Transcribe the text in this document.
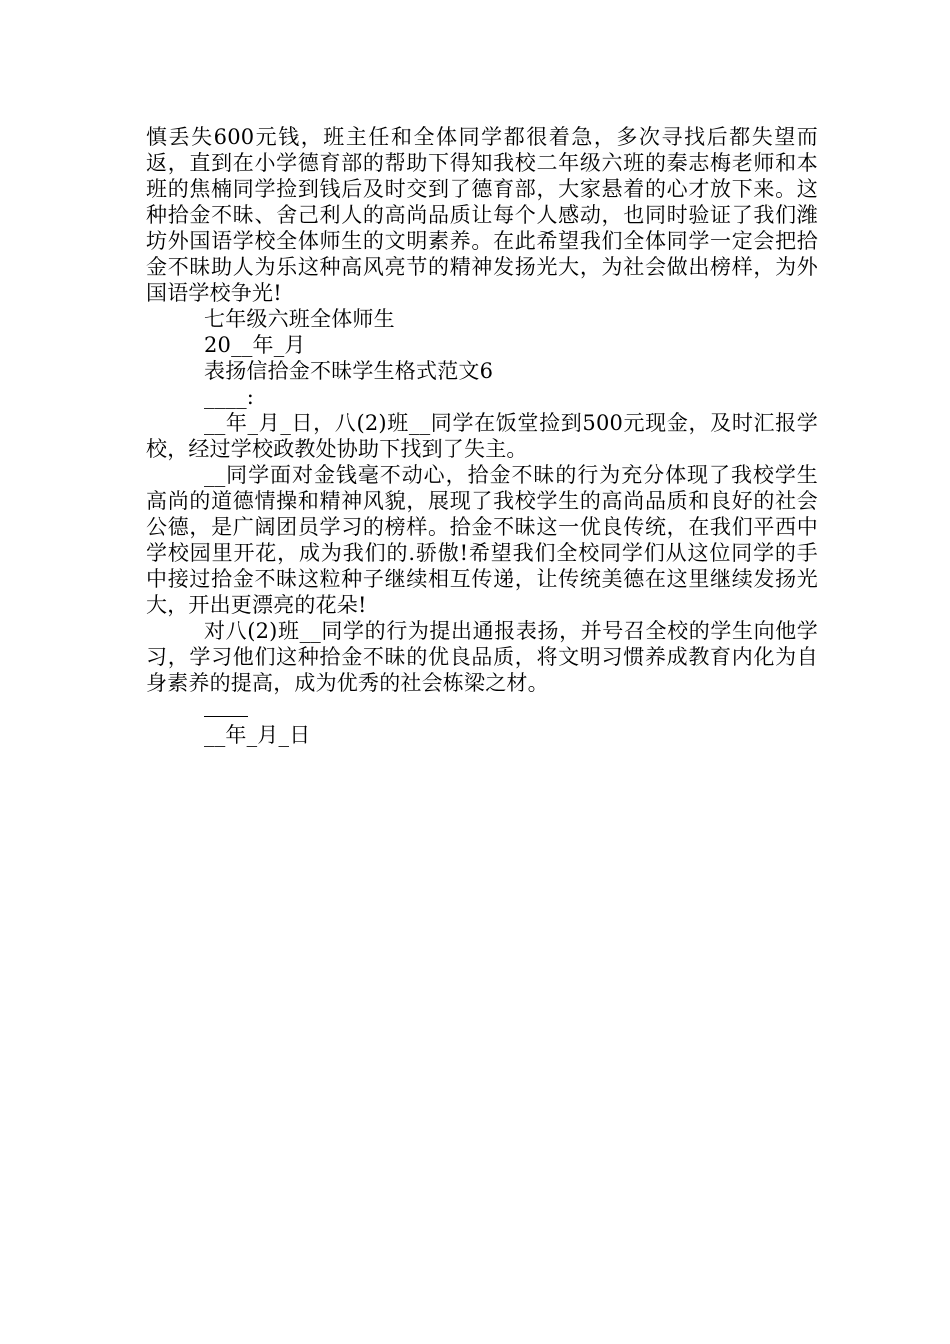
慎丢失600元钱，班主任和全体同学都很着急，多次寻找后都失望而返，直到在小学德育部的帮助下得知我校二年级六班的秦志梅老师和本班的焦楠同学捡到钱后及时交到了德育部，大家悬着的心才放下来。这种拾金不昧、舍己利人的高尚品质让每个人感动，也同时验证了我们潍坊外国语学校全体师生的文明素养。在此希望我们全体同学一定会把拾金不昧助人为乐这种高风亮节的精神发扬光大，为社会做出榜样，为外国语学校争光!

七年级六班全体师生

20__年_月

表扬信拾金不昧学生格式范文6

____:

__年_月_日，八(2)班__同学在饭堂捡到500元现金，及时汇报学校，经过学校政教处协助下找到了失主。

__同学面对金钱毫不动心，拾金不昧的行为充分体现了我校学生高尚的道德情操和精神风貌，展现了我校学生的高尚品质和良好的社会公德，是广阔团员学习的榜样。拾金不昧这一优良传统，在我们平西中学校园里开花，成为我们的.骄傲!希望我们全校同学们从这位同学的手中接过拾金不昧这粒种子继续相互传递，让传统美德在这里继续发扬光大，开出更漂亮的花朵!

对八(2)班__同学的行为提出通报表扬，并号召全校的学生向他学习，学习他们这种拾金不昧的优良品质，将文明习惯养成教育内化为自身素养的提高，成为优秀的社会栋梁之材。

__年_月_日
